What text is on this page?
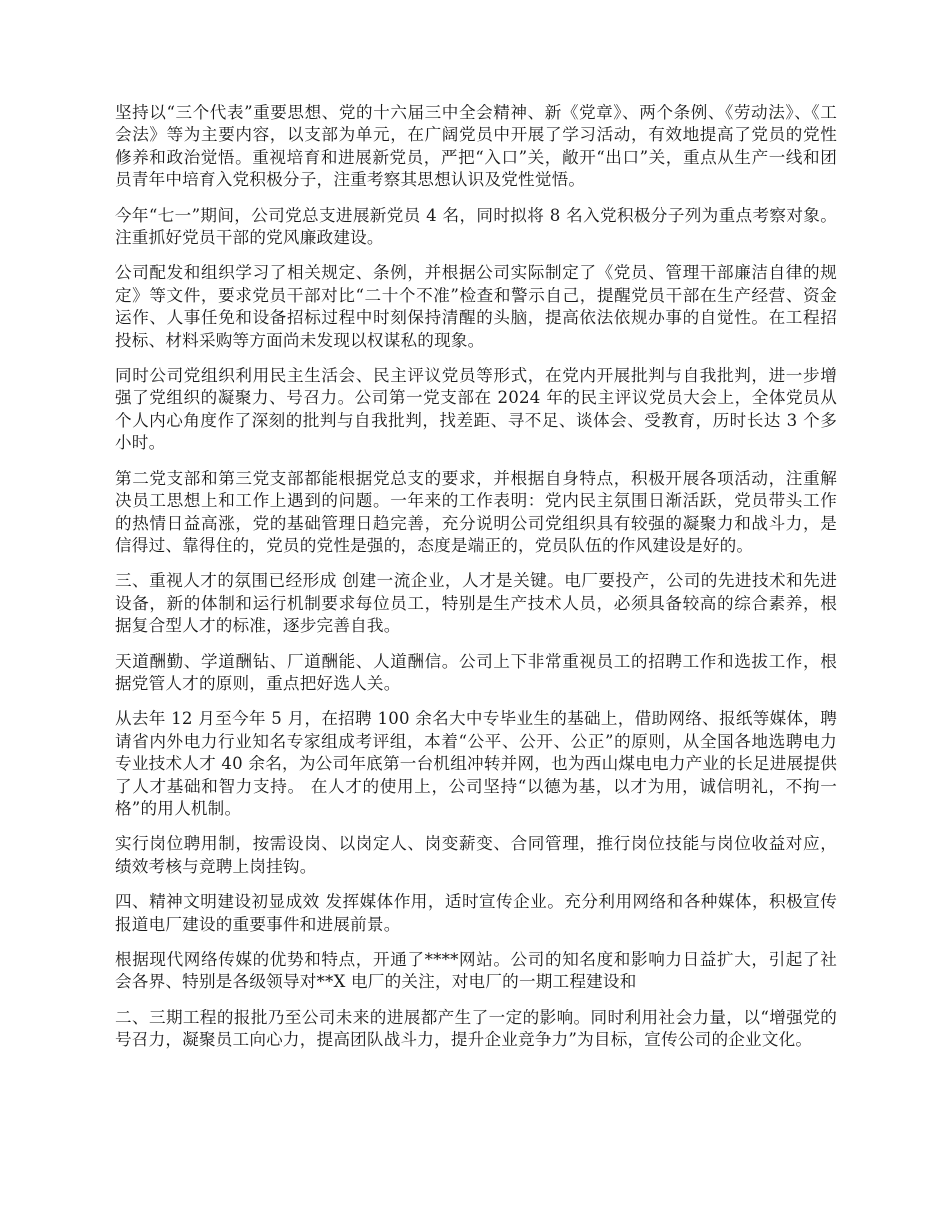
坚持以“三个代表”重要思想、党的十六届三中全会精神、新《党章》、两个条例、《劳动法》、《工会法》等为主要内容，以支部为单元，在广阔党员中开展了学习活动，有效地提高了党员的党性修养和政治觉悟。重视培育和进展新党员，严把“入口”关，敞开“出口”关，重点从生产一线和团员青年中培育入党积极分子，注重考察其思想认识及党性觉悟。

今年“七一”期间，公司党总支进展新党员 4 名，同时拟将 8 名入党积极分子列为重点考察对象。注重抓好党员干部的党风廉政建设。

公司配发和组织学习了相关规定、条例，并根据公司实际制定了《党员、管理干部廉洁自律的规定》等文件，要求党员干部对比“二十个不准”检查和警示自己，提醒党员干部在生产经营、资金运作、人事任免和设备招标过程中时刻保持清醒的头脑，提高依法依规办事的自觉性。在工程招投标、材料采购等方面尚未发现以权谋私的现象。

同时公司党组织利用民主生活会、民主评议党员等形式，在党内开展批判与自我批判，进一步增强了党组织的凝聚力、号召力。公司第一党支部在 2024 年的民主评议党员大会上，全体党员从个人内心角度作了深刻的批判与自我批判，找差距、寻不足、谈体会、受教育，历时长达 3 个多小时。

第二党支部和第三党支部都能根据党总支的要求，并根据自身特点，积极开展各项活动，注重解决员工思想上和工作上遇到的问题。一年来的工作表明：党内民主氛围日渐活跃，党员带头工作的热情日益高涨，党的基础管理日趋完善，充分说明公司党组织具有较强的凝聚力和战斗力，是信得过、靠得住的，党员的党性是强的，态度是端正的，党员队伍的作风建设是好的。

三、重视人才的氛围已经形成 创建一流企业，人才是关键。电厂要投产，公司的先进技术和先进设备，新的体制和运行机制要求每位员工，特别是生产技术人员，必须具备较高的综合素养，根据复合型人才的标准，逐步完善自我。

天道酬勤、学道酬钻、厂道酬能、人道酬信。公司上下非常重视员工的招聘工作和选拔工作，根据党管人才的原则，重点把好选人关。

从去年 12 月至今年 5 月，在招聘 100 余名大中专毕业生的基础上，借助网络、报纸等媒体，聘请省内外电力行业知名专家组成考评组，本着“公平、公开、公正”的原则，从全国各地选聘电力专业技术人才 40 余名，为公司年底第一台机组冲转并网，也为西山煤电电力产业的长足进展提供了人才基础和智力支持。 在人才的使用上，公司坚持“以德为基，以才为用，诚信明礼，不拘一格”的用人机制。

实行岗位聘用制，按需设岗、以岗定人、岗变薪变、合同管理，推行岗位技能与岗位收益对应，绩效考核与竞聘上岗挂钩。

四、精神文明建设初显成效 发挥媒体作用，适时宣传企业。充分利用网络和各种媒体，积极宣传报道电厂建设的重要事件和进展前景。

根据现代网络传媒的优势和特点，开通了****网站。公司的知名度和影响力日益扩大，引起了社会各界、特别是各级领导对**X 电厂的关注，对电厂的一期工程建设和

二、三期工程的报批乃至公司未来的进展都产生了一定的影响。同时利用社会力量，以“增强党的号召力，凝聚员工向心力，提高团队战斗力，提升企业竞争力”为目标，宣传公司的企业文化。
